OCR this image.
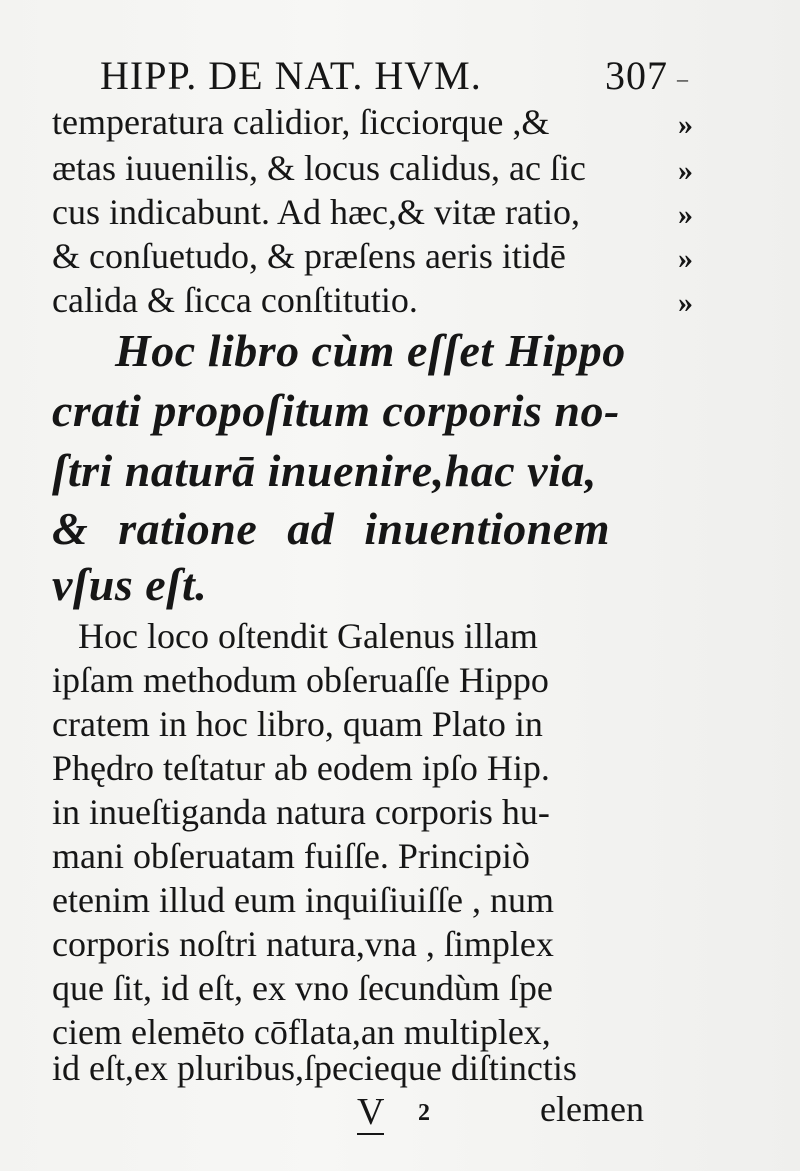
HIPP. DE NAT. HVM.	307 –
temperatura calidior, ſicciorque ,&	»
ætas iuuenilis, & locus calidus, ac ſic	»
cus indicabunt. Ad hæc,& vitæ ratio,	»
& conſuetudo, & præſens aeris itidē	»
calida & ſicca conſtitutio.	»
Hoc libro cùm eſſet Hippo
crati propoſitum corporis no-
ſtri naturā inuenire,hac via,
& ratione ad inuentionem
vſus eſt.
Hoc loco oſtendit Galenus illam
ipſam methodum obſeruaſſe Hippo
cratem in hoc libro, quam Plato in
Phędro teſtatur ab eodem ipſo Hip.
in inueſtiganda natura corporis hu-
mani obſeruatam fuiſſe. Principiò
etenim illud eum inquiſiuiſſe , num
corporis noſtri natura,vna , ſimplex
que ſit, id eſt, ex vno ſecundùm ſpe
ciem elemēto cōflata,an multiplex,
id eſt,ex pluribus,ſpecieque diſtinctis
V 2	elemen
